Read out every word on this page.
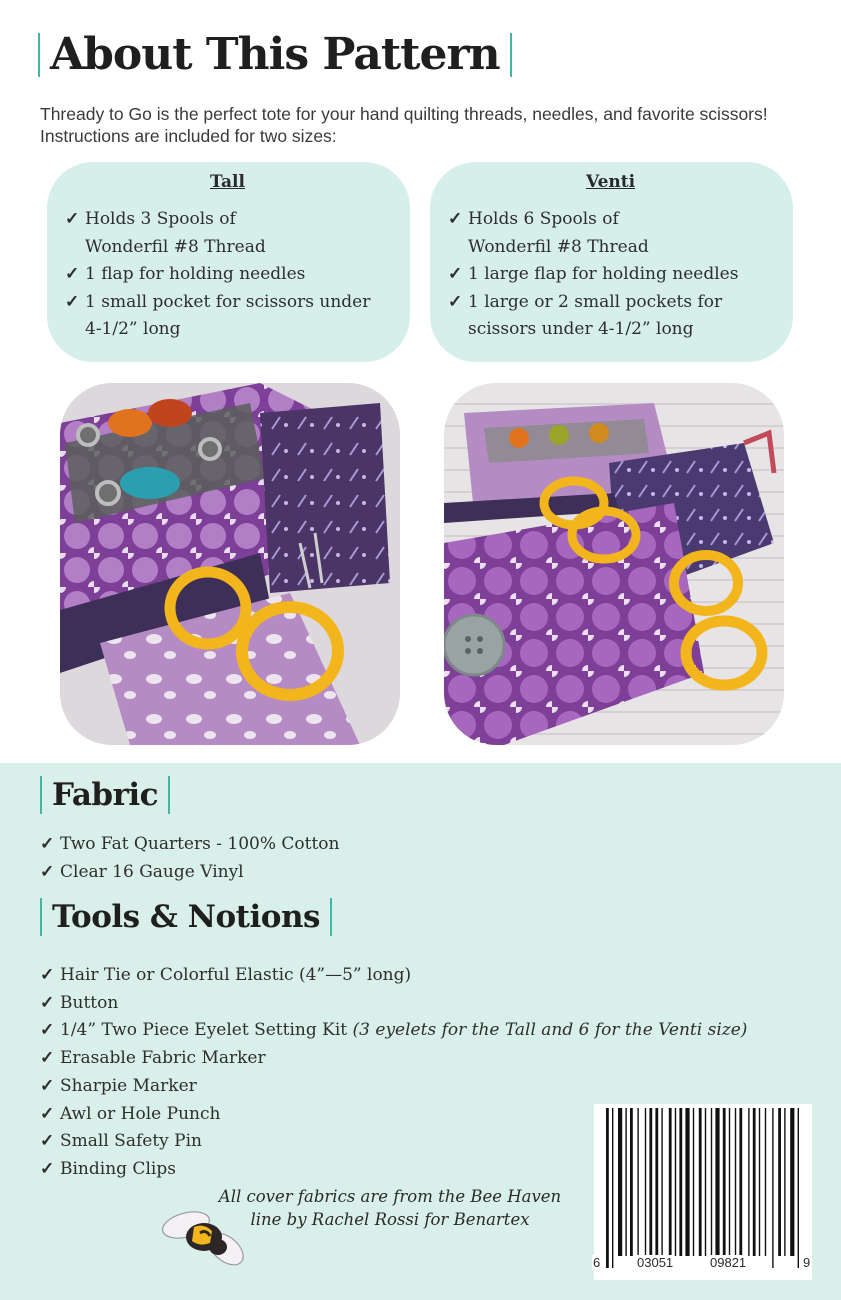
About This Pattern

Thready to Go is the perfect tote for your hand quilting threads, needles, and favorite scissors! Instructions are included for two sizes:

Tall
✓ Holds 3 Spools of
Wonderfil #8 Thread
✓ 1 flap for holding needles
✓ 1 small pocket for scissors under
4-1/2” long
Venti
✓ Holds 6 Spools of
Wonderfil #8 Thread
✓ 1 large flap for holding needles
✓ 1 large or 2 small pockets for
scissors under 4-1/2” long
Fabric
✓ Two Fat Quarters - 100% Cotton
✓ Clear 16 Gauge Vinyl
Tools & Notions
✓ Hair Tie or Colorful Elastic (4”—5” long)
✓ Button
✓ 1/4” Two Piece Eyelet Setting Kit (3 eyelets for the Tall and 6 for the Venti size)
✓ Erasable Fabric Marker
✓ Sharpie Marker
✓ Awl or Hole Punch
✓ Small Safety Pin
✓ Binding Clips
All cover fabrics are from the Bee Haven
line by Rachel Rossi for Benartex
6	03051	09821	9
